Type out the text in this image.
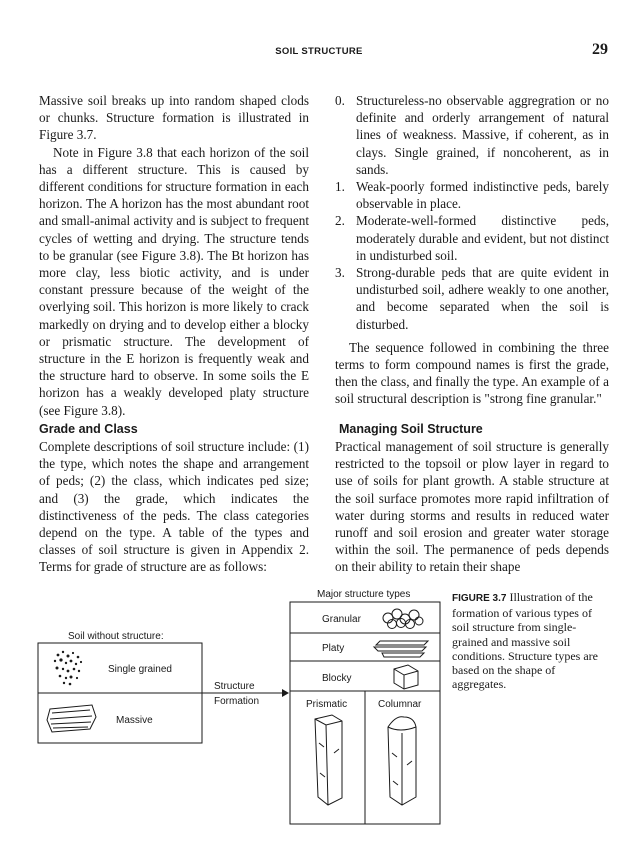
SOIL STRUCTURE	29

Massive soil breaks up into random shaped clods or chunks. Structure formation is illustrated in Figure 3.7.

Note in Figure 3.8 that each horizon of the soil has a different structure. This is caused by different conditions for structure formation in each horizon. The A horizon has the most abundant root and small-animal activity and is subject to frequent cycles of wetting and drying. The structure tends to be granular (see Figure 3.8). The Bt horizon has more clay, less biotic activity, and is under constant pressure because of the weight of the overlying soil. This horizon is more likely to crack markedly on drying and to develop either a blocky or prismatic structure. The development of structure in the E horizon is frequently weak and the structure hard to observe. In some soils the E horizon has a weakly developed platy structure (see Figure 3.8).

Grade and Class

Complete descriptions of soil structure include: (1) the type, which notes the shape and arrangement of peds; (2) the class, which indicates ped size; and (3) the grade, which indicates the distinctiveness of the peds. The class categories depend on the type. A table of the types and classes of soil structure is given in Appendix 2. Terms for grade of structure are as follows:

0. Structureless-no observable aggregration or no definite and orderly arrangement of natural lines of weakness. Massive, if coherent, as in clays. Single grained, if noncoherent, as in sands.
1. Weak-poorly formed indistinctive peds, barely observable in place.
2. Moderate-well-formed distinctive peds, moderately durable and evident, but not distinct in undisturbed soil.
3. Strong-durable peds that are quite evident in undisturbed soil, adhere weakly to one another, and become separated when the soil is disturbed.

The sequence followed in combining the three terms to form compound names is first the grade, then the class, and finally the type. An example of a soil structural description is "strong fine granular."

Managing Soil Structure

Practical management of soil structure is generally restricted to the topsoil or plow layer in regard to use of soils for plant growth. A stable structure at the soil surface promotes more rapid infiltration of water during storms and results in reduced water runoff and soil erosion and greater water storage within the soil. The permanence of peds depends on their ability to retain their shape

Soil without structure:
Single grained
Massive
Structure
Formation
Major structure types
Granular
Platy
Blocky
Prismatic	Columnar
FIGURE 3.7 Illustration of the formation of various types of soil structure from single-grained and massive soil conditions. Structure types are based on the shape of aggregates.
